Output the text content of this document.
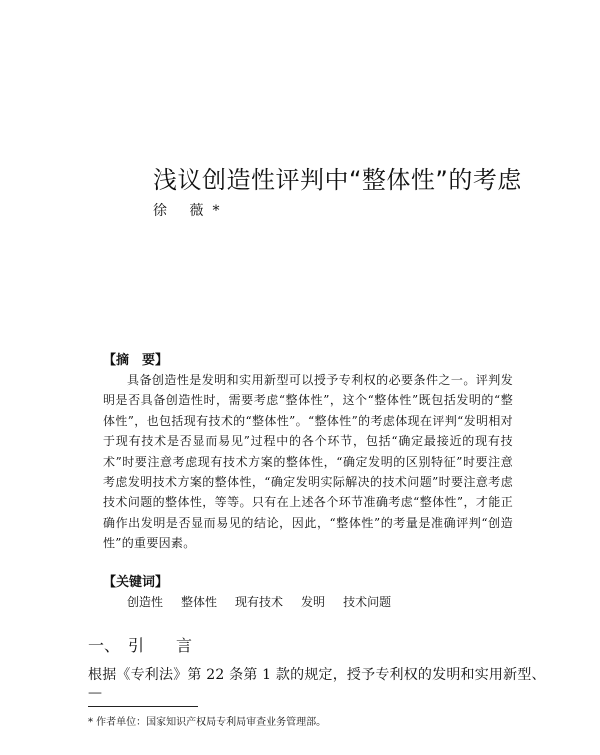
浅议创造性评判中“整体性”的考虑
徐 薇*
【摘　要】
具备创造性是发明和实用新型可以授予专利权的必要条件之一。评判发明是否具备创造性时，需要考虑“整体性”，这个“整体性”既包括发明的“整体性”，也包括现有技术的“整体性”。“整体性”的考虑体现在评判“发明相对于现有技术是否显而易见”过程中的各个环节，包括“确定最接近的现有技术”时要注意考虑现有技术方案的整体性，“确定发明的区别特征”时要注意考虑发明技术方案的整体性，“确定发明实际解决的技术问题”时要注意考虑技术问题的整体性，等等。只有在上述各个环节准确考虑“整体性”，才能正确作出发明是否显而易见的结论，因此，“整体性”的考量是准确评判“创造性”的重要因素。
【关键词】
创造性 整体性 现有技术 发明 技术问题
一、 引 言
根据《专利法》第 22 条第 1 款的规定，授予专利权的发明和实用新型、
—
* 作者单位：国家知识产权局专利局审查业务管理部。
